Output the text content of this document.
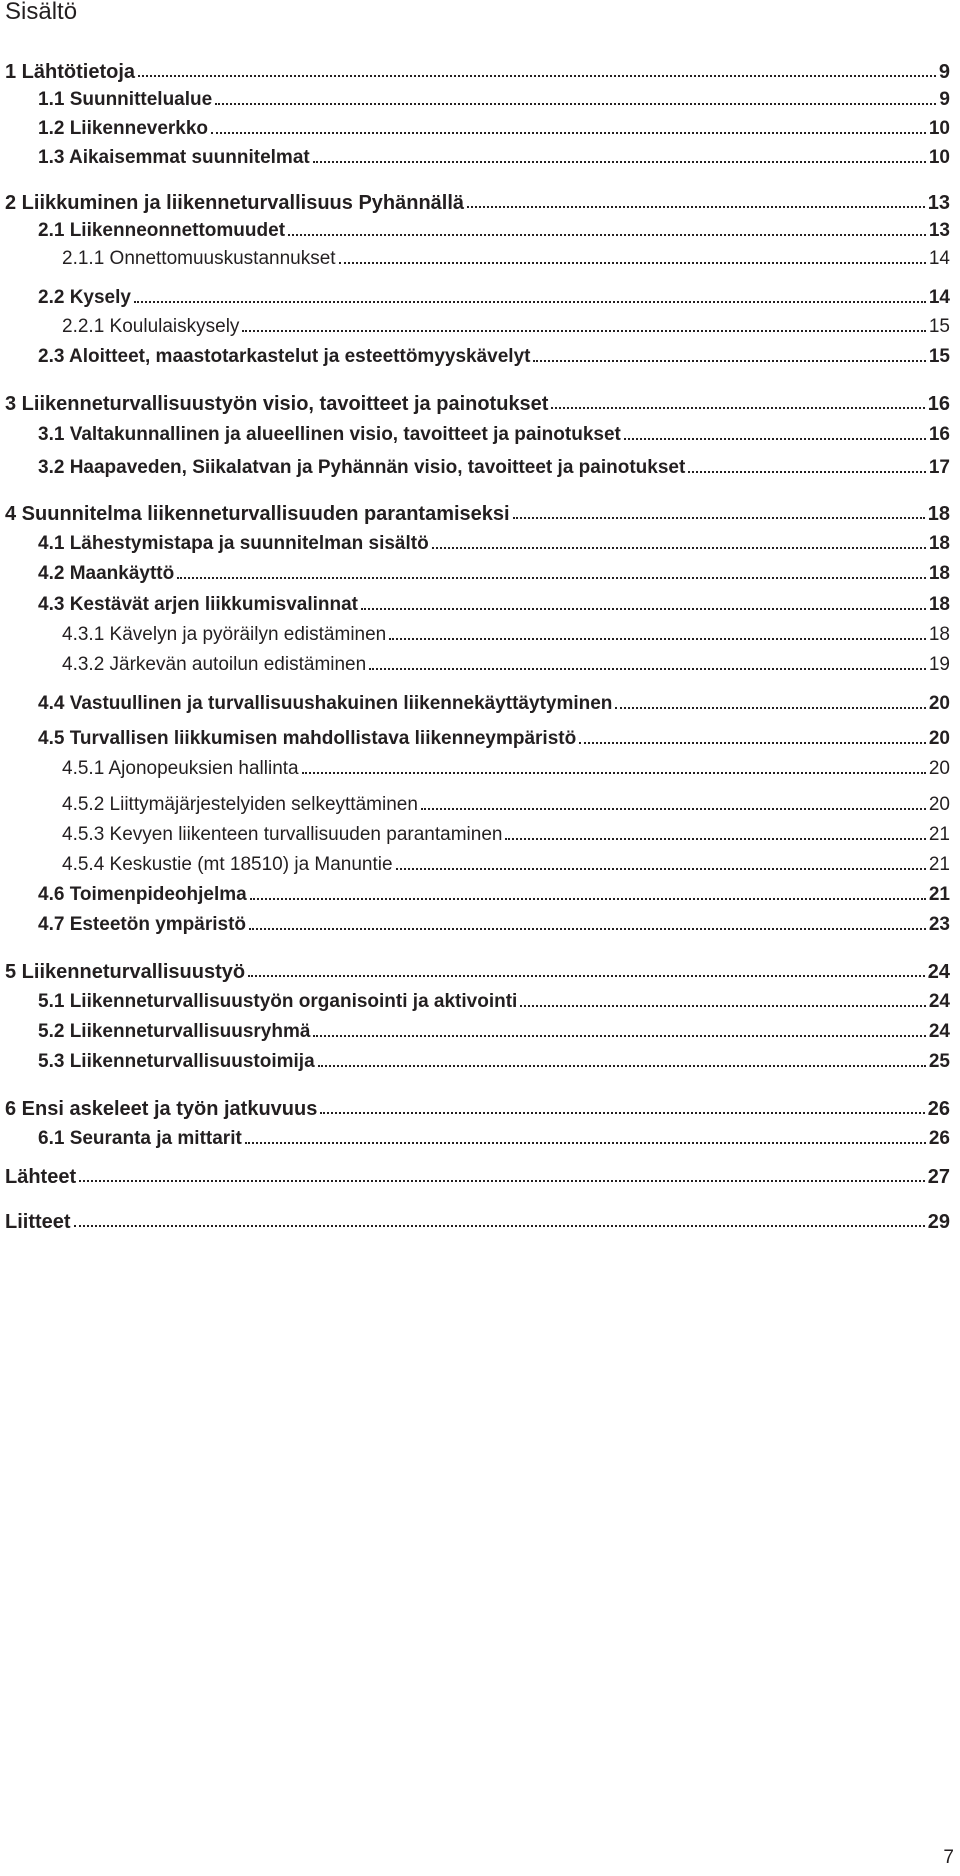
Sisältö
1 Lähtötietoja	9
1.1 Suunnittelualue	9
1.2 Liikenneverkko	10
1.3 Aikaisemmat suunnitelmat	10
2 Liikkuminen ja liikenneturvallisuus Pyhännällä	13
2.1 Liikenneonnettomuudet	13
2.1.1 Onnettomuuskustannukset	14
2.2 Kysely	14
2.2.1 Koululaiskysely	15
2.3 Aloitteet, maastotarkastelut ja esteettömyyskävelyt	15
3 Liikenneturvallisuustyön visio, tavoitteet ja painotukset	16
3.1 Valtakunnallinen ja alueellinen visio, tavoitteet ja painotukset	16
3.2 Haapaveden, Siikalatvan ja Pyhännän visio, tavoitteet ja painotukset	17
4 Suunnitelma liikenneturvallisuuden parantamiseksi	18
4.1 Lähestymistapa ja suunnitelman sisältö	18
4.2 Maankäyttö	18
4.3 Kestävät arjen liikkumisvalinnat	18
4.3.1 Kävelyn ja pyöräilyn edistäminen	18
4.3.2 Järkevän autoilun edistäminen	19
4.4 Vastuullinen ja turvallisuushakuinen liikennekäyttäytyminen	20
4.5 Turvallisen liikkumisen mahdollistava liikenneympäristö	20
4.5.1 Ajonopeuksien hallinta	20
4.5.2 Liittymäjärjestelyiden selkeyttäminen	20
4.5.3 Kevyen liikenteen turvallisuuden parantaminen	21
4.5.4 Keskustie (mt 18510) ja Manuntie	21
4.6 Toimenpideohjelma	21
4.7 Esteetön ympäristö	23
5 Liikenneturvallisuustyö	24
5.1 Liikenneturvallisuustyön organisointi ja aktivointi	24
5.2 Liikenneturvallisuusryhmä	24
5.3 Liikenneturvallisuustoimija	25
6 Ensi askeleet ja työn jatkuvuus	26
6.1 Seuranta ja mittarit	26
Lähteet	27
Liitteet	29
7
